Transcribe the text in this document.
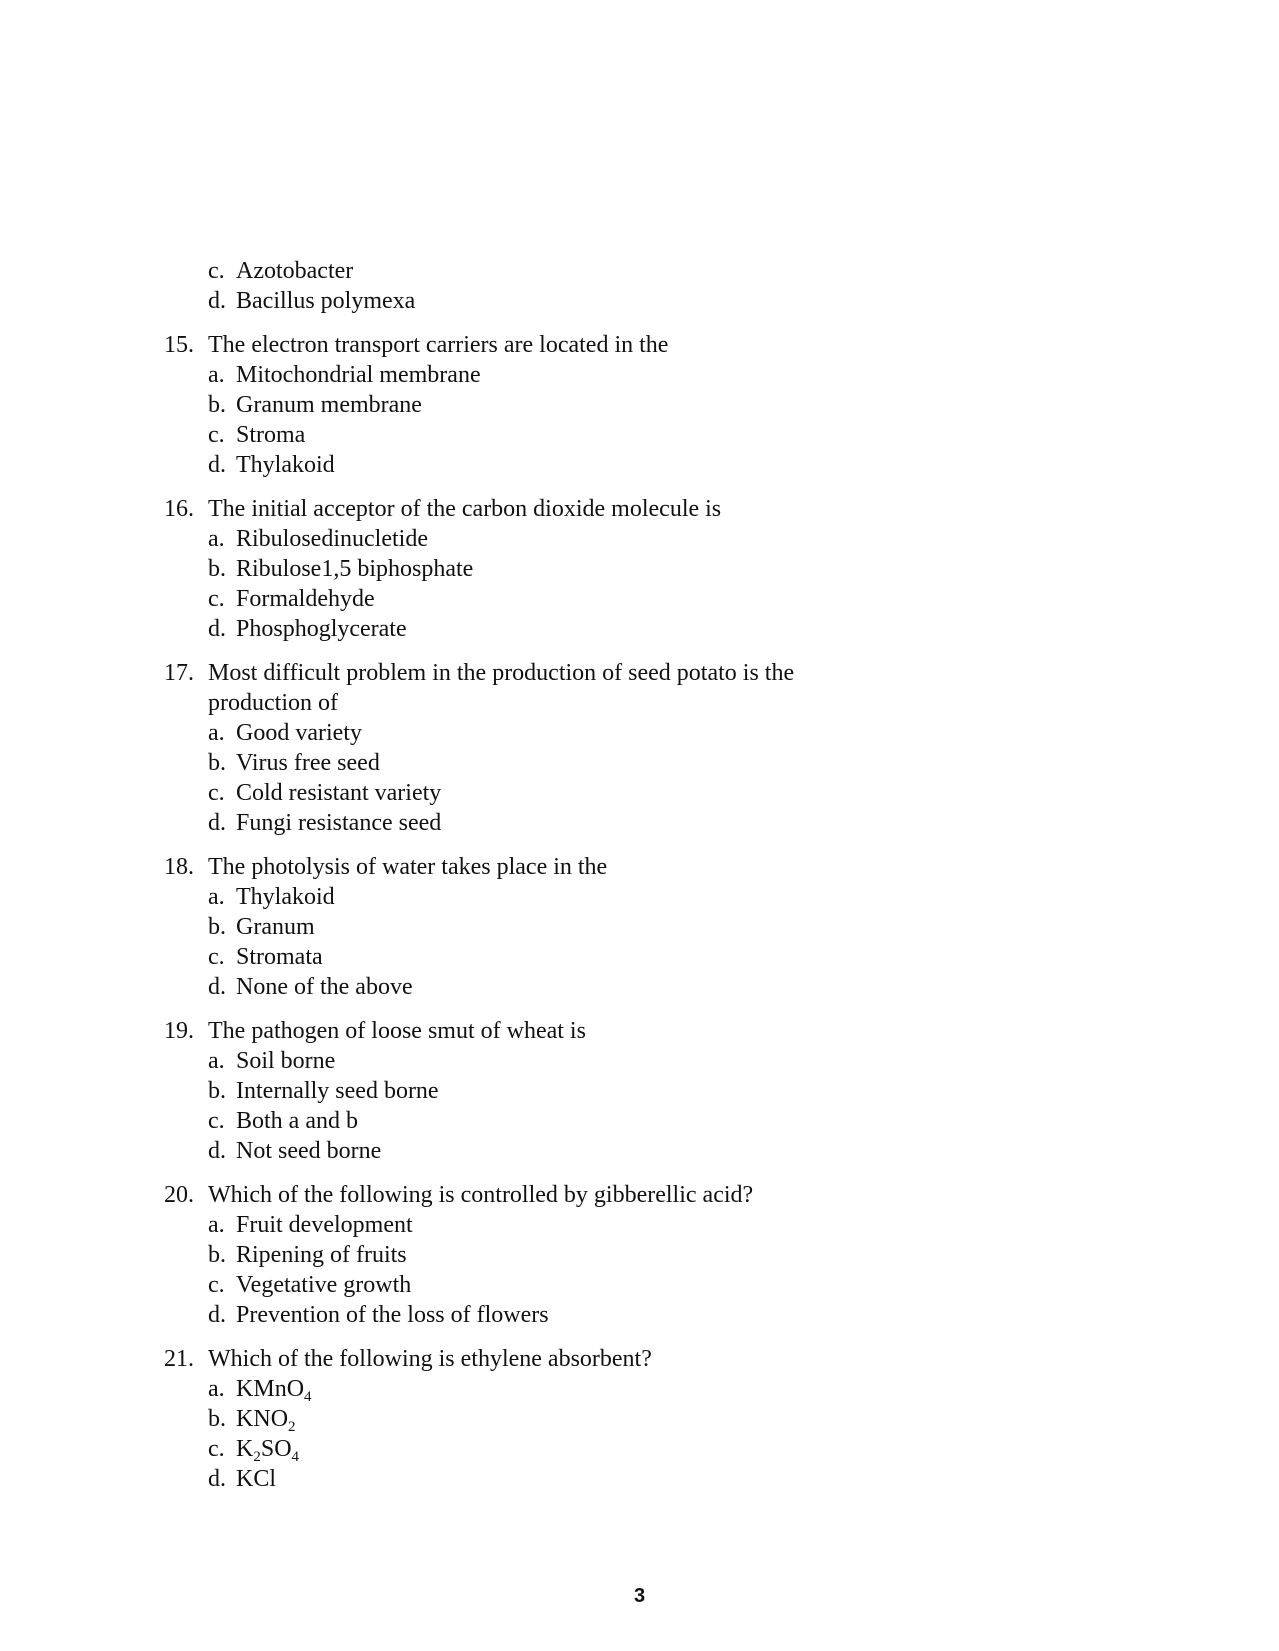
c. Azotobacter
d. Bacillus polymexa
15. The electron transport carriers are located in the
a. Mitochondrial membrane
b. Granum membrane
c. Stroma
d. Thylakoid
16. The initial acceptor of the carbon dioxide molecule is
a. Ribulosedinucletide
b. Ribulose1,5 biphosphate
c. Formaldehyde
d. Phosphoglycerate
17. Most difficult problem in the production of seed potato is the production of
a. Good variety
b. Virus free seed
c. Cold resistant variety
d. Fungi resistance seed
18. The photolysis of water takes place in the
a. Thylakoid
b. Granum
c. Stromata
d. None of the above
19. The pathogen of loose smut of wheat is
a. Soil borne
b. Internally seed borne
c. Both a and b
d. Not seed borne
20. Which of the following is controlled by gibberellic acid?
a. Fruit development
b. Ripening of fruits
c. Vegetative growth
d. Prevention of the loss of flowers
21. Which of the following is ethylene absorbent?
a. KMnO$_4$
b. $KNO_2$
c. $K_2SO_4$
d. KCl
3
